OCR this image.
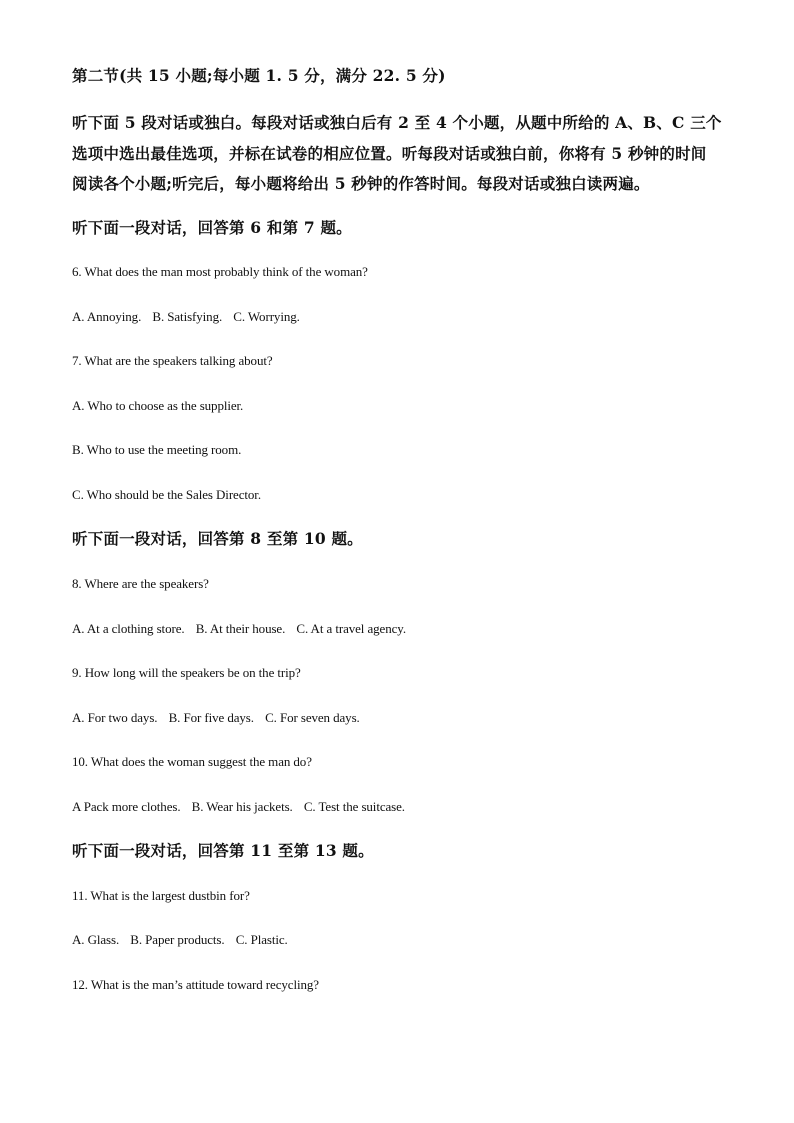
第二节(共 15 小题;每小题 1. 5 分，满分 22. 5 分)
听下面 5 段对话或独白。每段对话或独白后有 2 至 4 个小题，从题中所给的 A、B、C 三个
选项中选出最佳选项，并标在试卷的相应位置。听每段对话或独白前，你将有 5 秒钟的时间
阅读各个小题;听完后，每小题将给出 5 秒钟的作答时间。每段对话或独白读两遍。
听下面一段对话，回答第 6 和第 7 题。
6. What does the man most probably think of the woman?
A. Annoying. B. Satisfying. C. Worrying.
7. What are the speakers talking about?
A. Who to choose as the supplier.
B. Who to use the meeting room.
C. Who should be the Sales Director.
听下面一段对话，回答第 8 至第 10 题。
8. Where are the speakers?
A. At a clothing store. B. At their house. C. At a travel agency.
9. How long will the speakers be on the trip?
A. For two days. B. For five days. C. For seven days.
10. What does the woman suggest the man do?
A Pack more clothes. B. Wear his jackets. C. Test the suitcase.
听下面一段对话，回答第 11 至第 13 题。
11. What is the largest dustbin for?
A. Glass. B. Paper products. C. Plastic.
12. What is the man’s attitude toward recycling?
